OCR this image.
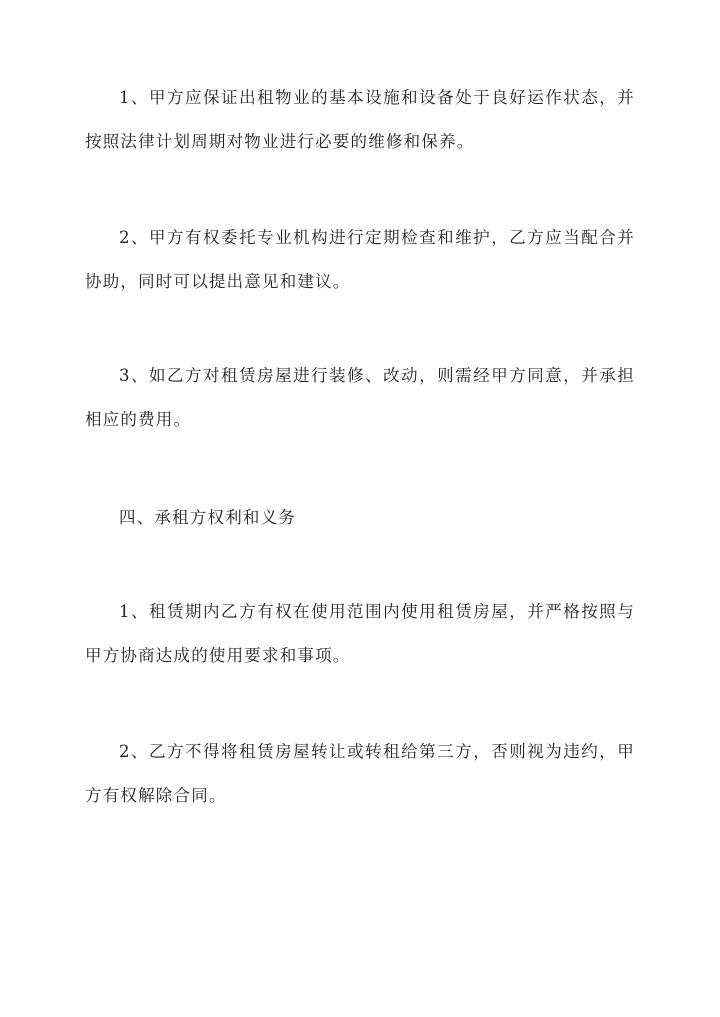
1、甲方应保证出租物业的基本设施和设备处于良好运作状态，并按照法律计划周期对物业进行必要的维修和保养。

2、甲方有权委托专业机构进行定期检查和维护，乙方应当配合并协助，同时可以提出意见和建议。

3、如乙方对租赁房屋进行装修、改动，则需经甲方同意，并承担相应的费用。

四、承租方权利和义务

1、租赁期内乙方有权在使用范围内使用租赁房屋，并严格按照与甲方协商达成的使用要求和事项。

2、乙方不得将租赁房屋转让或转租给第三方，否则视为违约，甲方有权解除合同。
